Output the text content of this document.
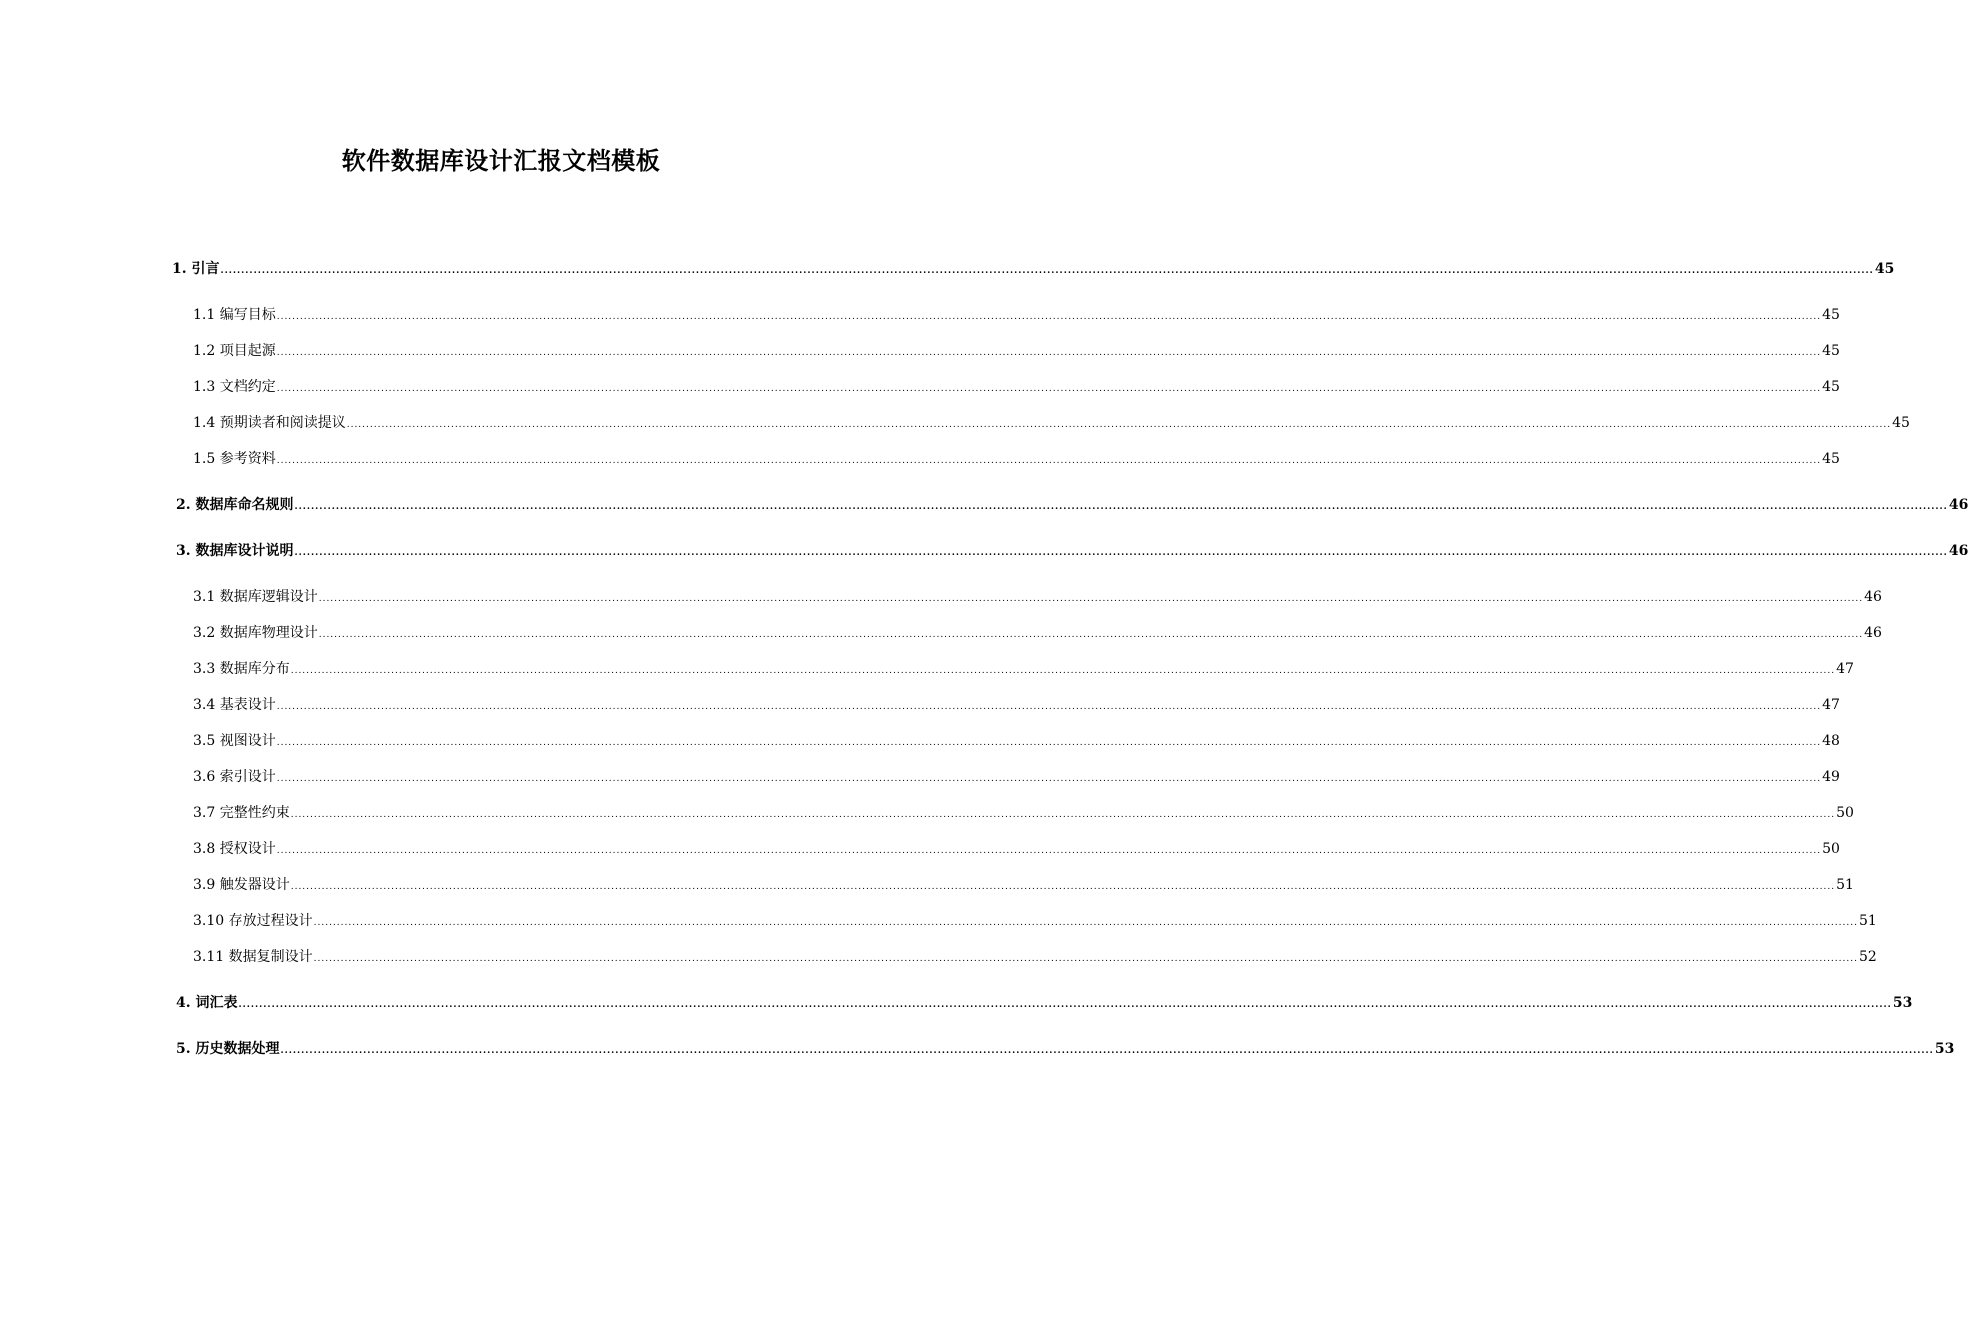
软件数据库设计汇报文档模板
1. 引言 ................................................................................................................................................................................................................................................................................................................................................................................................................ 45
1.1 编写目标 ................................................................................................................................................................................................................................................................................................................................................................................................................ 45
1.2 项目起源 ................................................................................................................................................................................................................................................................................................................................................................................................................ 45
1.3 文档约定 ................................................................................................................................................................................................................................................................................................................................................................................................................ 45
1.4 预期读者和阅读提议 ................................................................................................................................................................................................................................................................................................................................................................................................................ 45
1.5 参考资料 ................................................................................................................................................................................................................................................................................................................................................................................................................ 45
2. 数据库命名规则 ................................................................................................................................................................................................................................................................................................................................................................................................................ 46
3. 数据库设计说明 ................................................................................................................................................................................................................................................................................................................................................................................................................ 46
3.1 数据库逻辑设计 ................................................................................................................................................................................................................................................................................................................................................................................................................ 46
3.2 数据库物理设计 ................................................................................................................................................................................................................................................................................................................................................................................................................ 46
3.3 数据库分布 ................................................................................................................................................................................................................................................................................................................................................................................................................ 47
3.4 基表设计 ................................................................................................................................................................................................................................................................................................................................................................................................................ 47
3.5 视图设计 ................................................................................................................................................................................................................................................................................................................................................................................................................ 48
3.6 索引设计 ................................................................................................................................................................................................................................................................................................................................................................................................................ 49
3.7 完整性约束 ................................................................................................................................................................................................................................................................................................................................................................................................................ 50
3.8 授权设计 ................................................................................................................................................................................................................................................................................................................................................................................................................ 50
3.9 触发器设计 ................................................................................................................................................................................................................................................................................................................................................................................................................ 51
3.10 存放过程设计 ................................................................................................................................................................................................................................................................................................................................................................................................................ 51
3.11 数据复制设计 ................................................................................................................................................................................................................................................................................................................................................................................................................ 52
4. 词汇表 ................................................................................................................................................................................................................................................................................................................................................................................................................ 53
5. 历史数据处理 ................................................................................................................................................................................................................................................................................................................................................................................................................ 53
